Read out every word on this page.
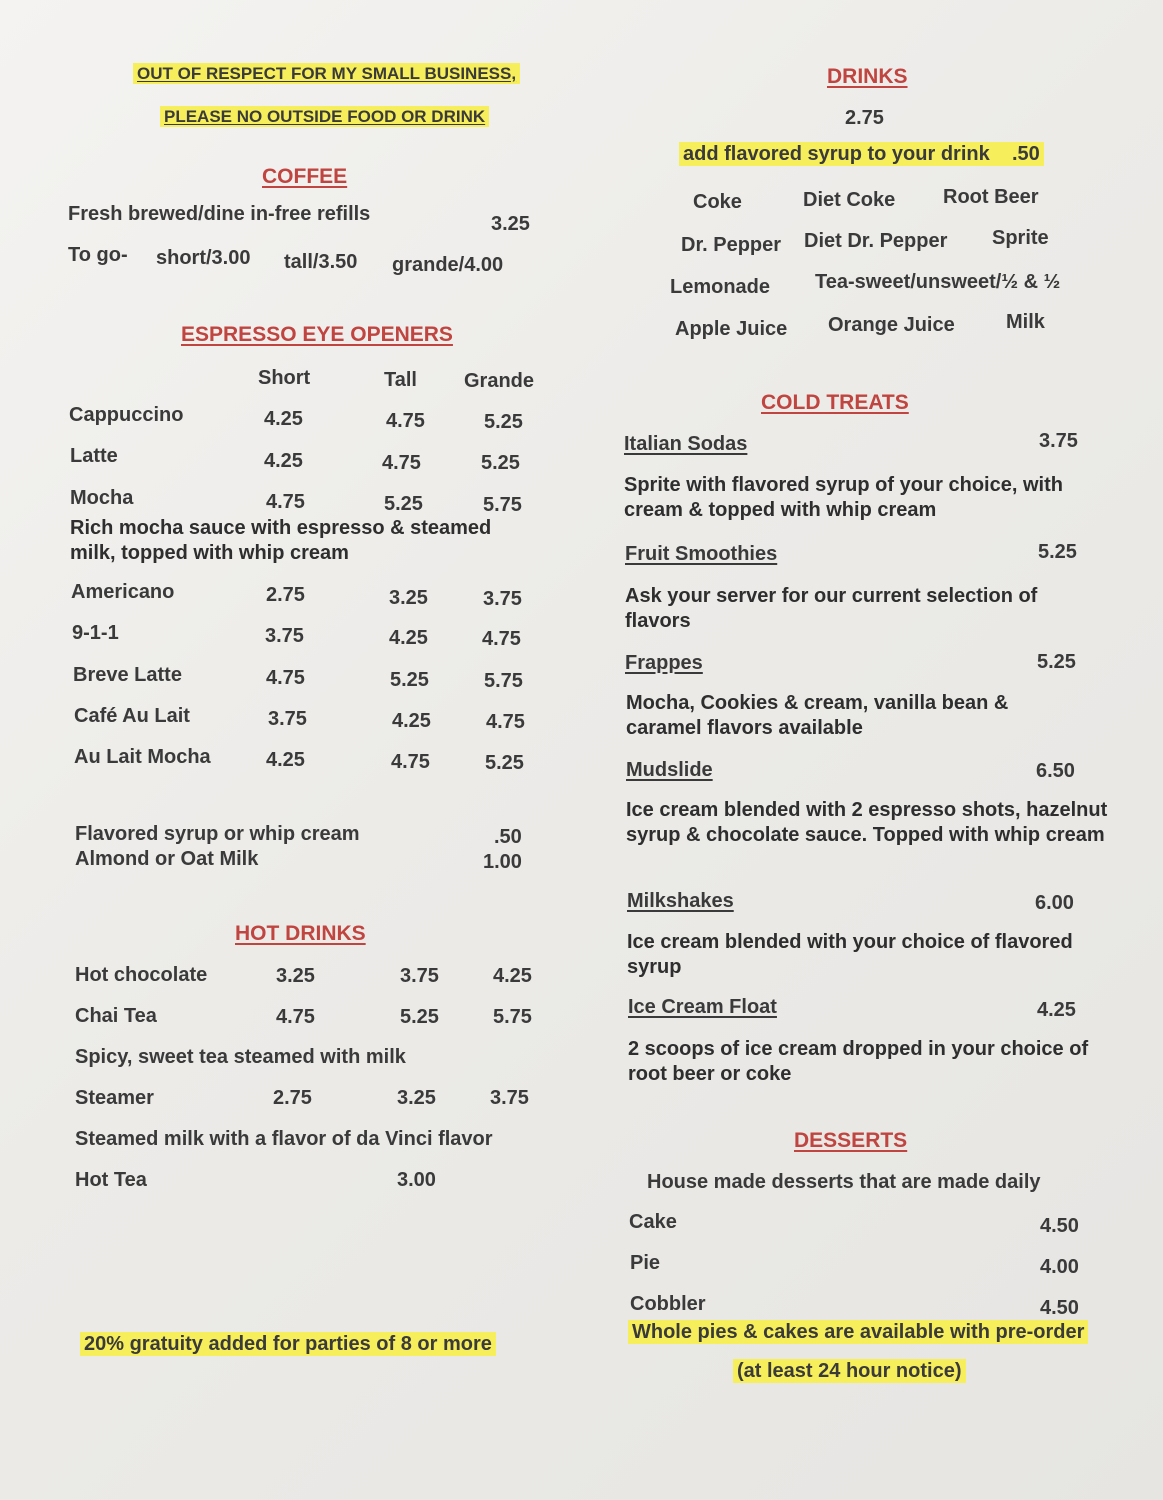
OUT OF RESPECT FOR MY SMALL BUSINESS,
PLEASE NO OUTSIDE FOOD OR DRINK
COFFEE
Fresh brewed/dine in-free refills	3.25
To go- short/3.00 tall/3.50 grande/4.00
ESPRESSO EYE OPENERS
Short	Tall Grande
Cappuccino	4.25	4.75	5.25
Latte	4.25	4.75	5.25
Mocha	4.75	5.25	5.75
Rich mocha sauce with espresso & steamed milk, topped with whip cream
Americano	2.75	3.25	3.75
9-1-1	3.75	4.25	4.75
Breve Latte	4.75	5.25	5.75
Café Au Lait	3.75	4.25	4.75
Au Lait Mocha	4.25	4.75	5.25
Flavored syrup or whip cream	.50
Almond or Oat Milk	1.00
HOT DRINKS
Hot chocolate	3.25	3.75	4.25
Chai Tea	4.75	5.25	5.75
Spicy, sweet tea steamed with milk
Steamer	2.75	3.25	3.75
Steamed milk with a flavor of da Vinci flavor
Hot Tea	3.00
20% gratuity added for parties of 8 or more
DRINKS
2.75
add flavored syrup to your drink .50
Coke	Diet Coke Root Beer
Dr. Pepper Diet Dr. Pepper Sprite
Lemonade Tea-sweet/unsweet/½ & ½
Apple Juice Orange Juice	Milk
COLD TREATS
Italian Sodas	3.75
Sprite with flavored syrup of your choice, with cream & topped with whip cream
Fruit Smoothies	5.25
Ask your server for our current selection of flavors
Frappes	5.25
Mocha, Cookies & cream, vanilla bean & caramel flavors available
Mudslide	6.50
Ice cream blended with 2 espresso shots, hazelnut syrup & chocolate sauce. Topped with whip cream
Milkshakes	6.00
Ice cream blended with your choice of flavored syrup
Ice Cream Float	4.25
2 scoops of ice cream dropped in your choice of root beer or coke
DESSERTS
House made desserts that are made daily
Cake	4.50
Pie	4.00
Cobbler	4.50
Whole pies & cakes are available with pre-order
(at least 24 hour notice)
